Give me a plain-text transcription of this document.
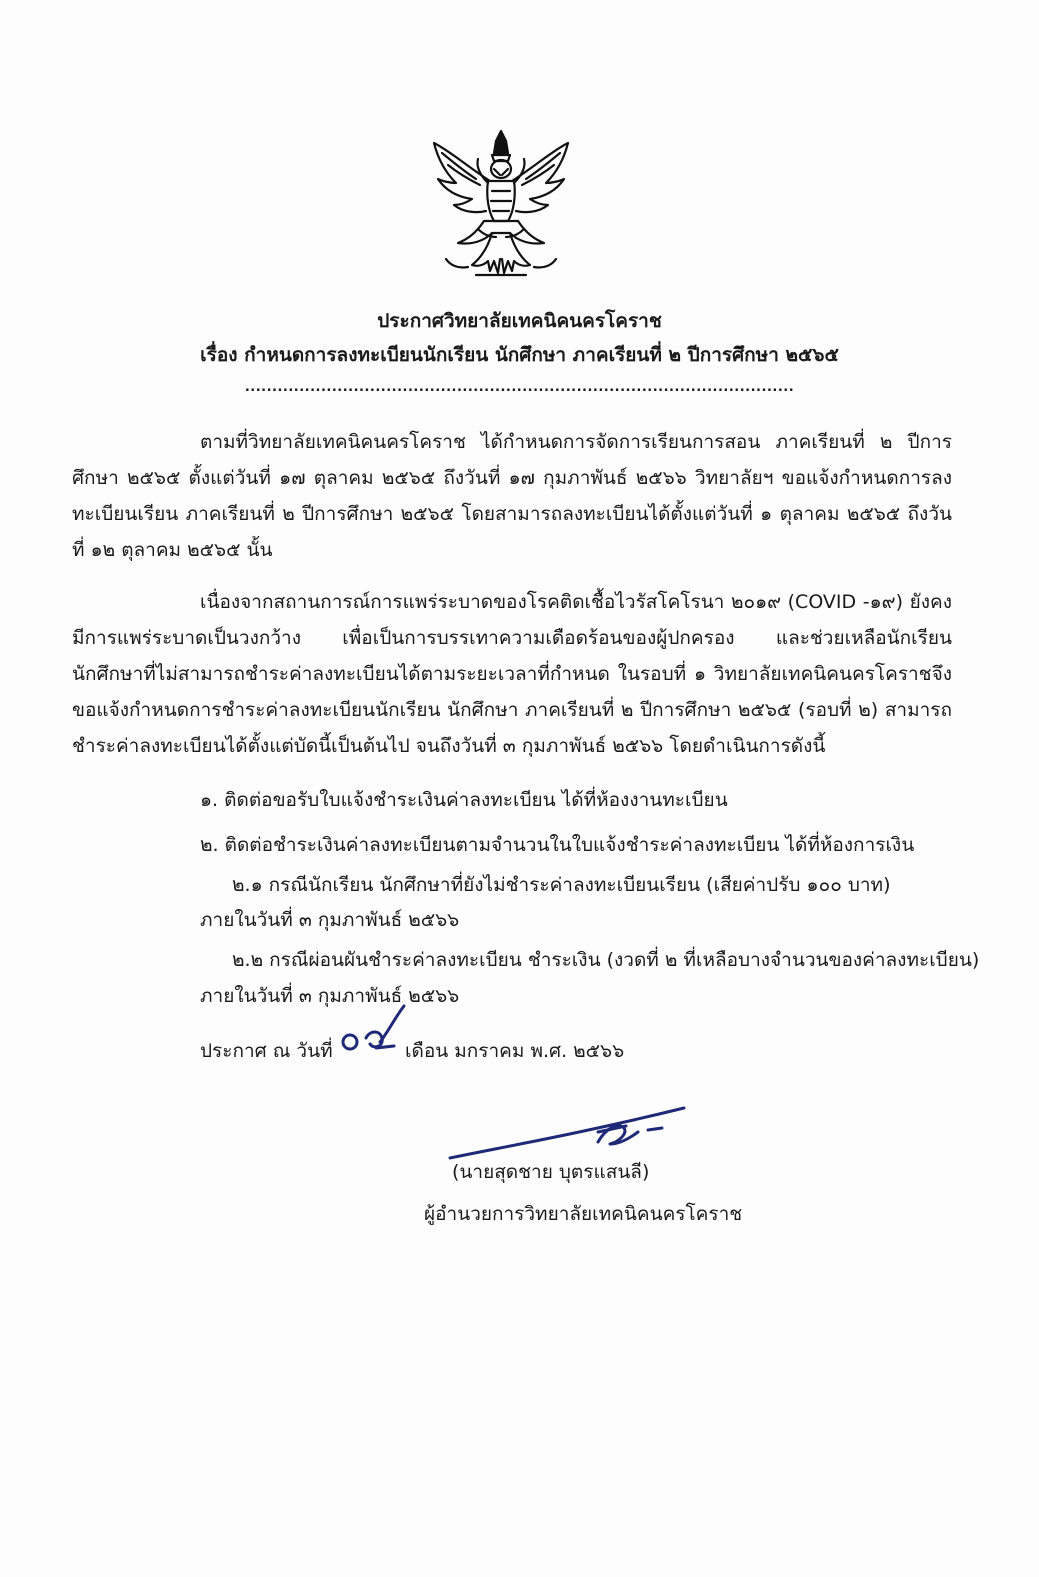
ประกาศวิทยาลัยเทคนิคนครโคราช
เรื่อง กำหนดการลงทะเบียนนักเรียน นักศึกษา ภาคเรียนที่ ๒ ปีการศึกษา ๒๕๖๕
.....................................................................................................
ตามที่วิทยาลัยเทคนิคนครโคราช ได้กำหนดการจัดการเรียนการสอน ภาคเรียนที่ ๒ ปีการศึกษา ๒๕๖๕ ตั้งแต่วันที่ ๑๗ ตุลาคม ๒๕๖๕ ถึงวันที่ ๑๗ กุมภาพันธ์ ๒๕๖๖ วิทยาลัยฯ ขอแจ้งกำหนดการลงทะเบียนเรียน ภาคเรียนที่ ๒ ปีการศึกษา ๒๕๖๕ โดยสามารถลงทะเบียนได้ตั้งแต่วันที่ ๑ ตุลาคม ๒๕๖๕ ถึงวันที่ ๑๒ ตุลาคม ๒๕๖๕ นั้น
เนื่องจากสถานการณ์การแพร่ระบาดของโรคติดเชื้อไวรัสโคโรนา ๒๐๑๙ (COVID -๑๙) ยังคงมีการแพร่ระบาดเป็นวงกว้าง เพื่อเป็นการบรรเทาความเดือดร้อนของผู้ปกครอง และช่วยเหลือนักเรียน นักศึกษาที่ไม่สามารถชำระค่าลงทะเบียนได้ตามระยะเวลาที่กำหนด ในรอบที่ ๑ วิทยาลัยเทคนิคนครโคราชจึงขอแจ้งกำหนดการชำระค่าลงทะเบียนนักเรียน นักศึกษา ภาคเรียนที่ ๒ ปีการศึกษา ๒๕๖๕ (รอบที่ ๒) สามารถชำระค่าลงทะเบียนได้ตั้งแต่บัดนี้เป็นต้นไป จนถึงวันที่ ๓ กุมภาพันธ์ ๒๕๖๖ โดยดำเนินการดังนี้
๑. ติดต่อขอรับใบแจ้งชำระเงินค่าลงทะเบียน ได้ที่ห้องงานทะเบียน
๒. ติดต่อชำระเงินค่าลงทะเบียนตามจำนวนในใบแจ้งชำระค่าลงทะเบียน ได้ที่ห้องการเงิน
๒.๑ กรณีนักเรียน นักศึกษาที่ยังไม่ชำระค่าลงทะเบียนเรียน (เสียค่าปรับ ๑๐๐ บาท)
ภายในวันที่ ๓ กุมภาพันธ์ ๒๕๖๖
๒.๒ กรณีผ่อนผันชำระค่าลงทะเบียน ชำระเงิน (งวดที่ ๒ ที่เหลือบางจำนวนของค่าลงทะเบียน)
ภายในวันที่ ๓ กุมภาพันธ์ ๒๕๖๖
ประกาศ ณ วันที่	เดือน มกราคม พ.ศ. ๒๕๖๖
(นายสุดชาย บุตรแสนลี)
ผู้อำนวยการวิทยาลัยเทคนิคนครโคราช
